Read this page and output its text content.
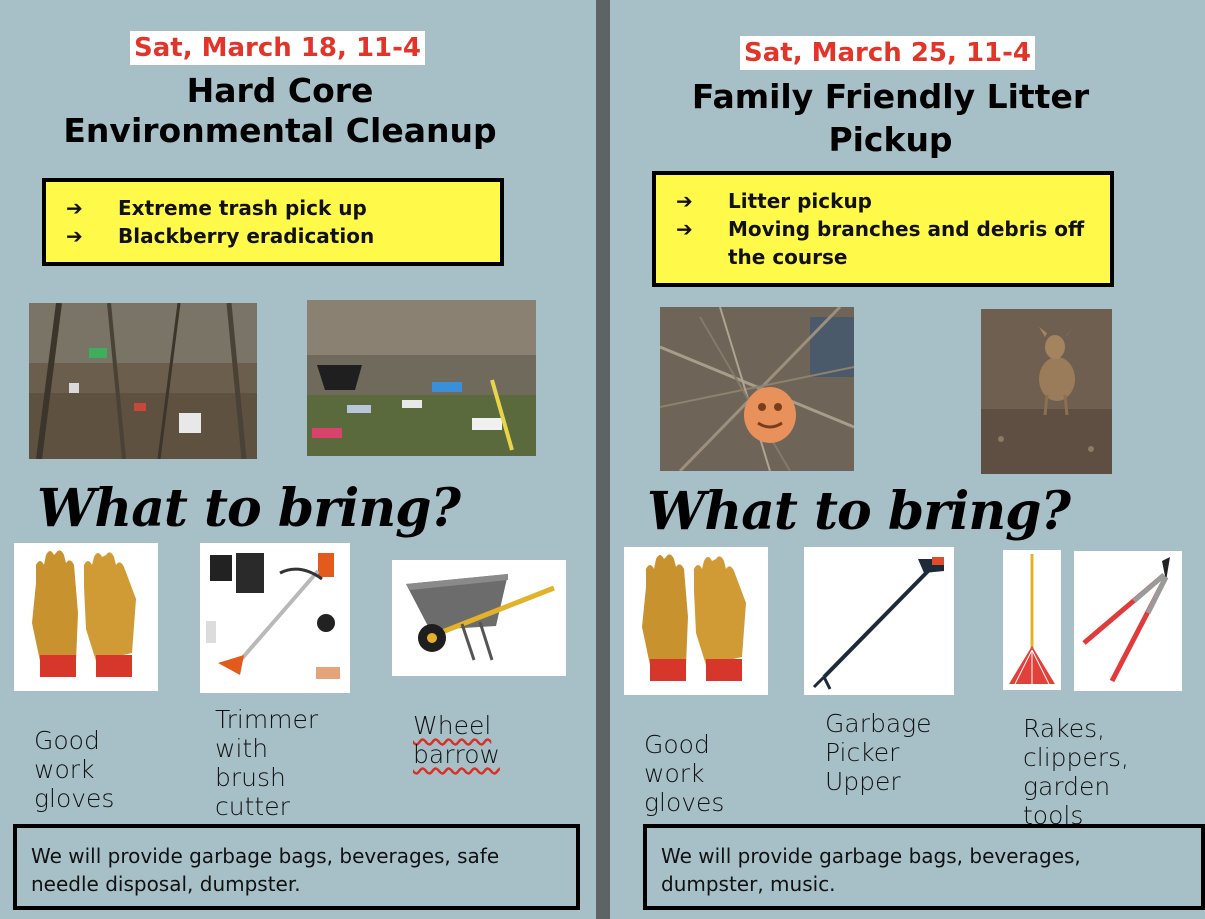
Sat, March 18, 11-4
Hard Core
Environmental Cleanup
➔	Extreme trash pick up
➔	Blackberry eradication
What to bring?
Good
work
gloves
Trimmer
with
brush
cutter
Wheel
barrow
We will provide garbage bags, beverages, safe needle disposal, dumpster.
Sat, March 25, 11-4
Family Friendly Litter
Pickup
➔	Litter pickup
➔	Moving branches and debris off the course
What to bring?
Good
work
gloves
Garbage
Picker
Upper
Rakes,
clippers,
garden
tools
We will provide garbage bags, beverages, dumpster, music.
